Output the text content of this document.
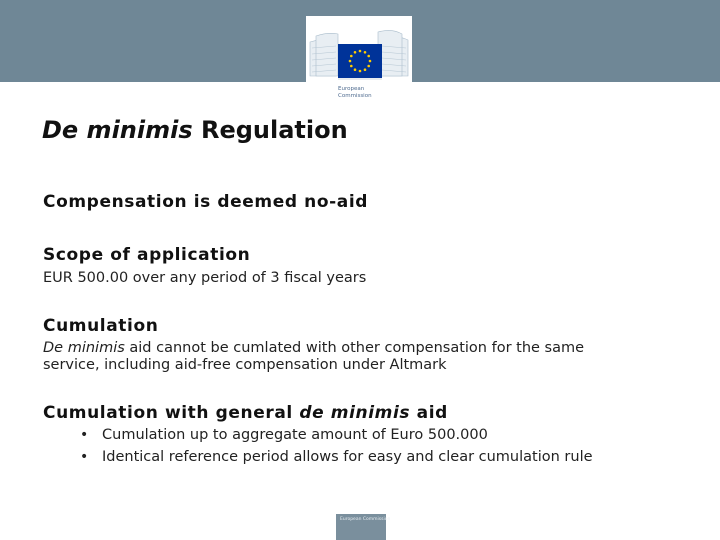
European
Commission
De minimis Regulation
Compensation is deemed no-aid
Scope of application
EUR 500.00 over any period of 3 fiscal years
Cumulation
De minimis aid cannot be cumlated with other compensation for the same
service, including aid-free compensation under Altmark
Cumulation with general de minimis aid
• Cumulation up to aggregate amount of Euro 500.000
• Identical reference period allows for easy and clear cumulation rule
European Commission
